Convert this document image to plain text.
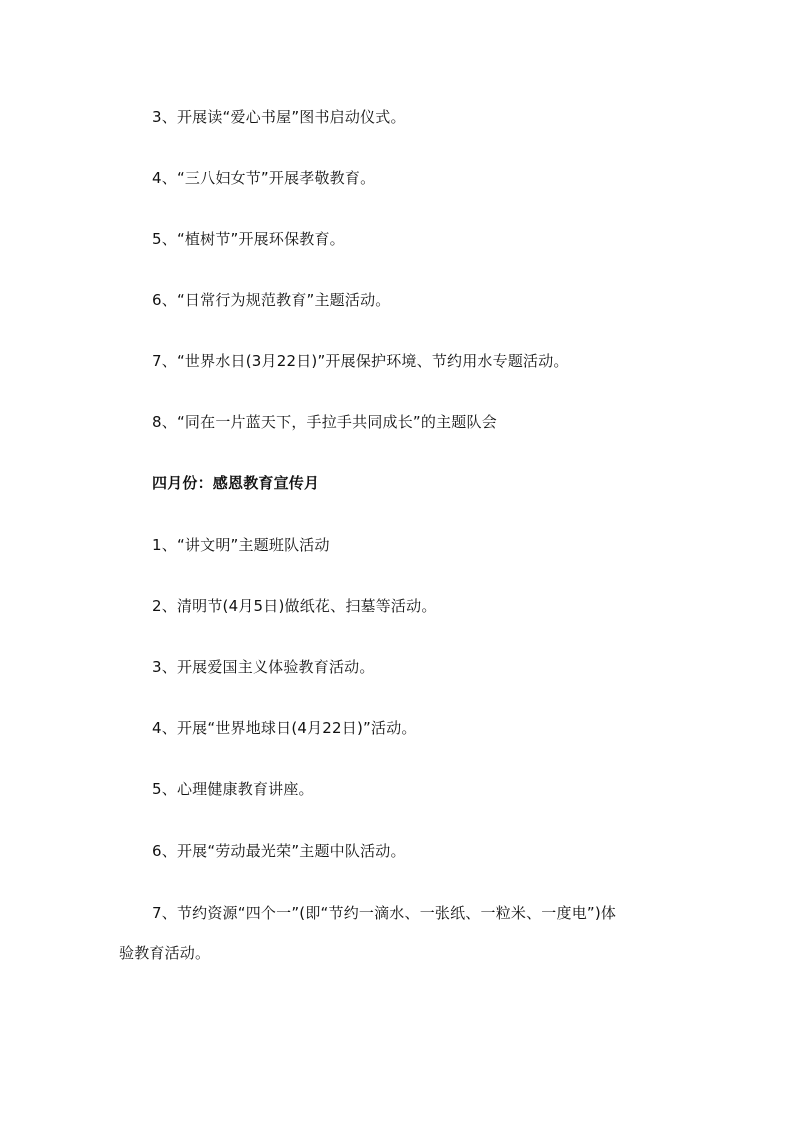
3、开展读“爱心书屋”图书启动仪式。
4、“三八妇女节”开展孝敬教育。
5、“植树节”开展环保教育。
6、“日常行为规范教育”主题活动。
7、“世界水日(3月22日)”开展保护环境、节约用水专题活动。
8、“同在一片蓝天下，手拉手共同成长”的主题队会
四月份：感恩教育宣传月
1、“讲文明”主题班队活动
2、清明节(4月5日)做纸花、扫墓等活动。
3、开展爱国主义体验教育活动。
4、开展“世界地球日(4月22日)”活动。
5、心理健康教育讲座。
6、开展“劳动最光荣”主题中队活动。
7、节约资源“四个一”(即“节约一滴水、一张纸、一粒米、一度电”)体
验教育活动。
